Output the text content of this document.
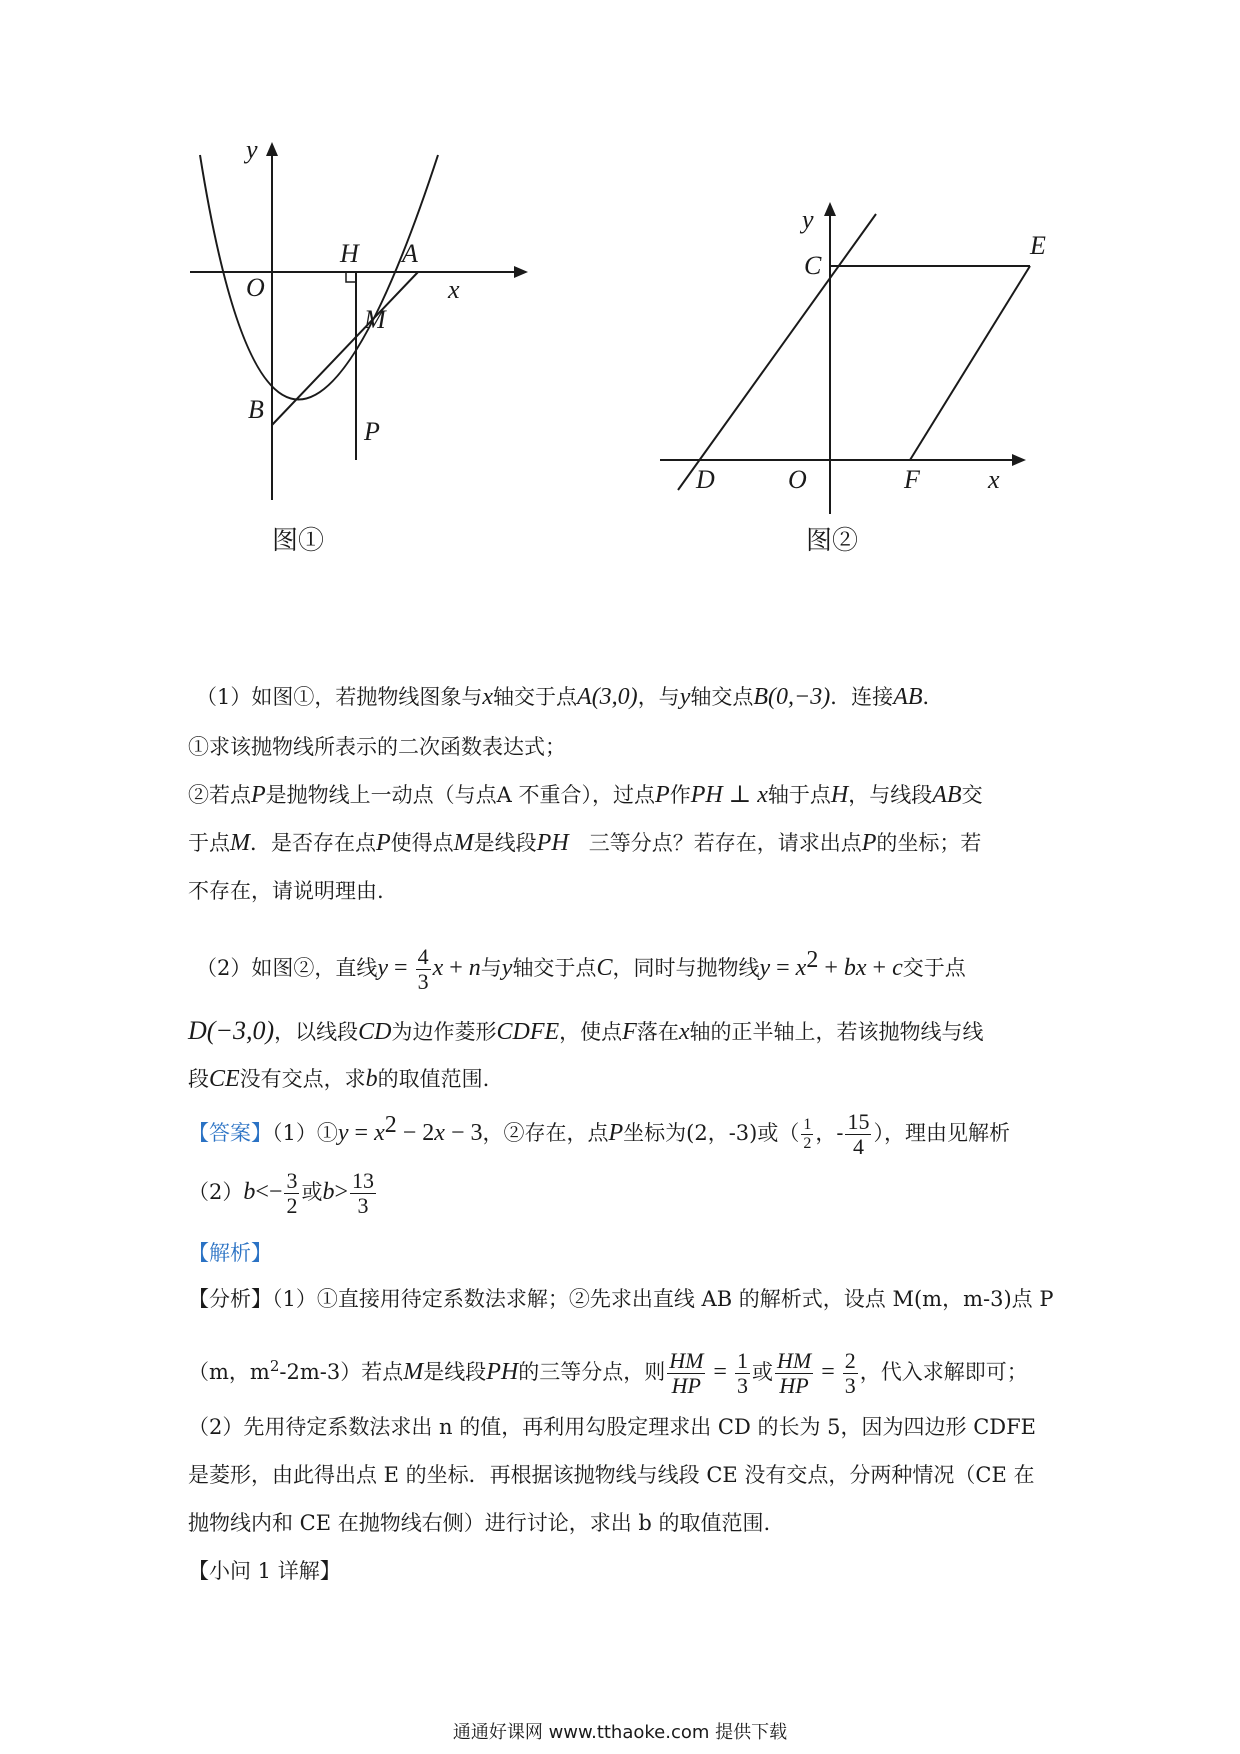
y
x
O
H A
M
B
P
图①
y
C
E
D	O	F	x
图②
（1）如图①，若抛物线图象与x轴交于点A(3,0)，与y轴交点B(0,−3)．连接AB．
①求该抛物线所表示的二次函数表达式；
②若点P是抛物线上一动点（与点A 不重合），过点P作PH ⊥ x轴于点H，与线段AB交
于点M．是否存在点P使得点M是线段PH 三等分点？若存在，请求出点P的坐标；若
不存在，请说明理由.
（2）如图②，直线$y = \frac{4}{3}$ x + n与y轴交于点C，同时与抛物线$y = x^2$ + bx + c交于点
D(−3,0)，以线段CD为边作菱形CDFE，使点F落在x轴的正半轴上，若该抛物线与线
段CE没有交点，求b的取值范围.
【答案】（1）①y = $x^2 - 2x - 3$，②存在，点P坐标为(2，-3)或（ $\frac{1}{2}$ ，- $\frac{15}{4}$ ），理由见解析
$(2)b<- \frac{3}{2}$ 或$b> \frac{13}{3}$
【解析】
【分析】（1）①直接用待定系数法求解；②先求出直线 AB 的解析式，设点 M(m，m-3)点 P
（m，$m^2-2m-3$）若点M是线段PH的三等分点，则 $\frac{HM}{HP} = \frac{1}{3}$ 或 $\frac{HM}{HP} = \frac{2}{3}$ ，代入求解即可；
（2）先用待定系数法求出 n 的值，再利用勾股定理求出 CD 的长为 5，因为四边形 CDFE
是菱形，由此得出点 E 的坐标．再根据该抛物线与线段 CE 没有交点，分两种情况（CE 在
抛物线内和 CE 在抛物线右侧）进行讨论，求出 b 的取值范围.
【小问 1 详解】
通通好课网 www.tthaoke.com 提供下载
